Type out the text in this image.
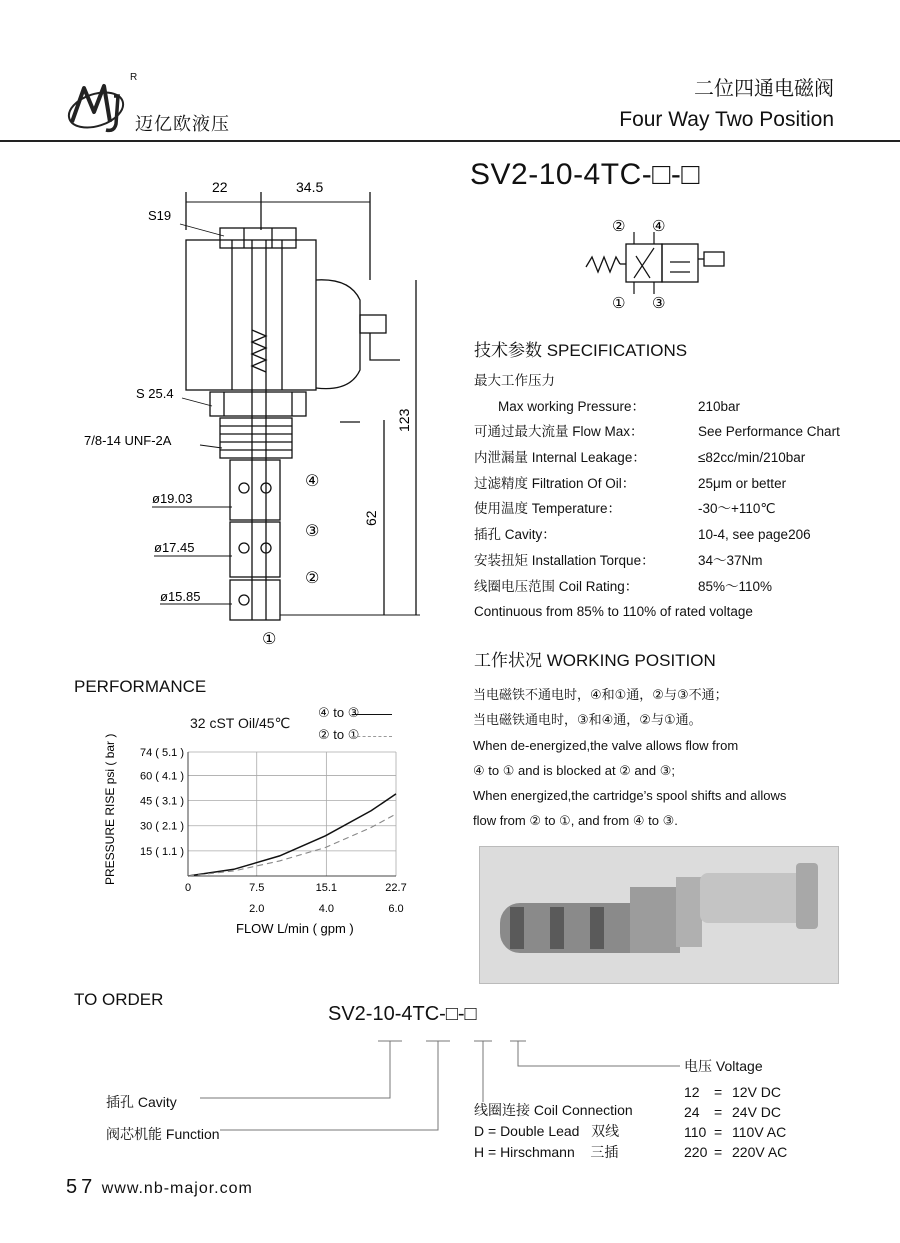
R
迈亿欧液压
二位四通电磁阀
Four Way Two Position
SV2-10-4TC-□-□
② ④
① ③
22	34.5
123
62
S19
S 25.4
7/8-14 UNF-2A
ø19.03
ø17.45
ø15.85
④
③
②
①
技术参数 SPECIFICATIONS
最大工作压力
Max working Pressure：	210bar
可通过最大流量 Flow Max：	See Performance Chart
内泄漏量 Internal Leakage：	≤82cc/min/210bar
过滤精度 Filtration Of Oil：	25μm or better
使用温度 Temperature：	-30～+110℃
插孔 Cavity：	10-4, see page206
安装扭矩 Installation Torque：	34～37Nm
线圈电压范围 Coil Rating：	85%～110%
Continuous from 85% to 110% of rated voltage
工作状况 WORKING POSITION
当电磁铁不通电时，④和①通，②与③不通；
当电磁铁通电时，③和④通，②与①通。
When de-energized,the valve allows flow from
④ to ① and is blocked at ② and ③;
When energized,the cartridge’s spool shifts and allows
flow from ② to ①, and from ④ to ③.
PERFORMANCE
32 cST Oil/45℃
④ to ③
② to ①
15 ( 1.1 )
30 ( 2.1 )
45 ( 3.1 )
60 ( 4.1 )
74 ( 5.1 )
0	7.5	15.1	22.7
2.0	4.0	6.0
PRESSURE RISE psi ( bar )
FLOW L/min ( gpm )
TO ORDER
SV2-10-4TC-□-□
插孔 Cavity
阀芯机能 Function
线圈连接 Coil Connection
D = Double Lead   双线
H = Hirschmann    三插
电压 Voltage
12 = 12V DC
24 = 24V DC
110 = 110V AC
220 = 220V AC
57 www.nb-major.com
